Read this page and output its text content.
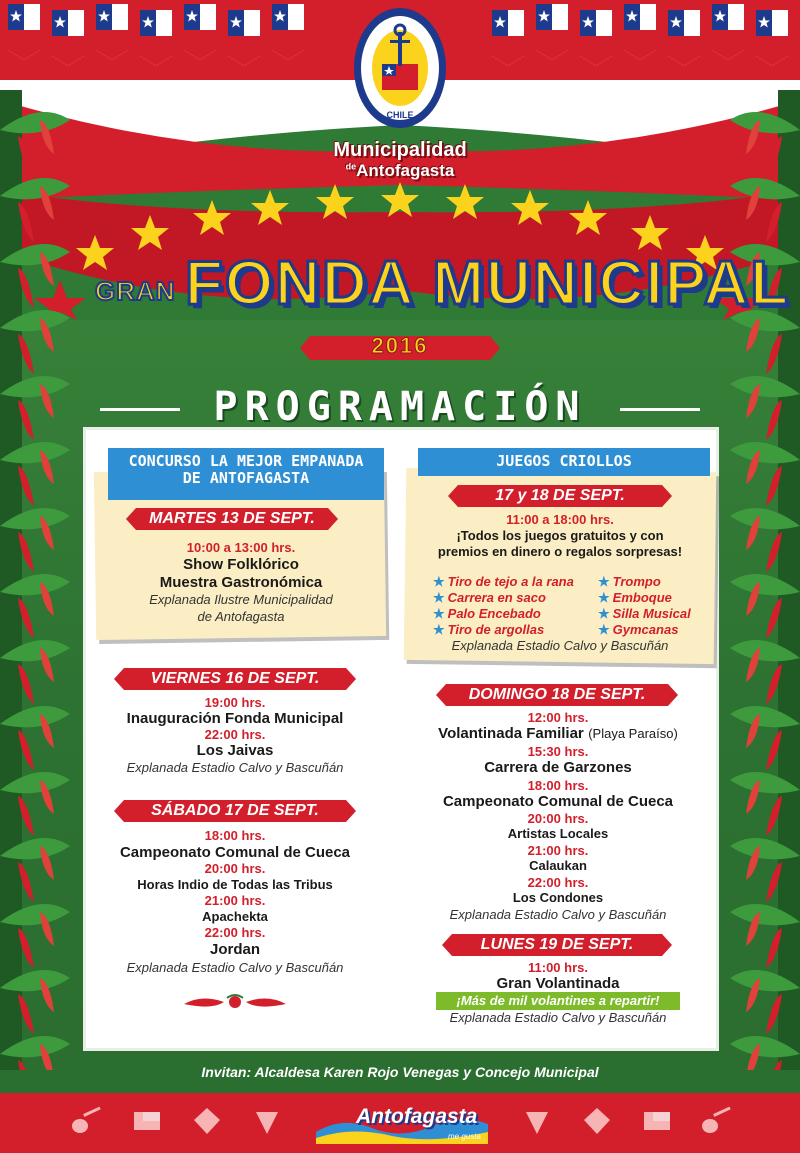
CHILE
Municipalidad
$^{de}$Antofagasta
GRAN FONDA MUNICIPAL
2016
PROGRAMACIÓN
CONCURSO LA MEJOR EMPANADA
DE ANTOFAGASTA
MARTES 13 DE SEPT.
10:00 a 13:00 hrs.
Show Folklórico
Muestra Gastronómica
Explanada Ilustre Municipalidad
de Antofagasta
JUEGOS CRIOLLOS
17 y 18 DE SEPT.
11:00 a 18:00 hrs.
¡Todos los juegos gratuitos y con
premios en dinero o regalos sorpresas!
★ Tiro de tejo a la rana
★ Carrera en saco
★ Palo Encebado
★ Tiro de argollas
★ Trompo
★ Emboque
★ Silla Musical
★ Gymcanas
Explanada Estadio Calvo y Bascuñán
VIERNES 16 DE SEPT.
19:00 hrs.
Inauguración Fonda Municipal
22:00 hrs.
Los Jaivas
Explanada Estadio Calvo y Bascuñán
SÁBADO 17 DE SEPT.
18:00 hrs.
Campeonato Comunal de Cueca
20:00 hrs.
Horas Indio de Todas las Tribus
21:00 hrs.
Apachekta
22:00 hrs.
Jordan
Explanada Estadio Calvo y Bascuñán
DOMINGO 18 DE SEPT.
12:00 hrs.
Volantinada Familiar (Playa Paraíso)
15:30 hrs.
Carrera de Garzones
18:00 hrs.
Campeonato Comunal de Cueca
20:00 hrs.
Artistas Locales
21:00 hrs.
Calaukan
22:00 hrs.
Los Condones
Explanada Estadio Calvo y Bascuñán
LUNES 19 DE SEPT.
11:00 hrs.
Gran Volantinada
¡Más de mil volantines a repartir!
Explanada Estadio Calvo y Bascuñán
Invitan: Alcaldesa Karen Rojo Venegas y Concejo Municipal
Antofagasta
me gusta
